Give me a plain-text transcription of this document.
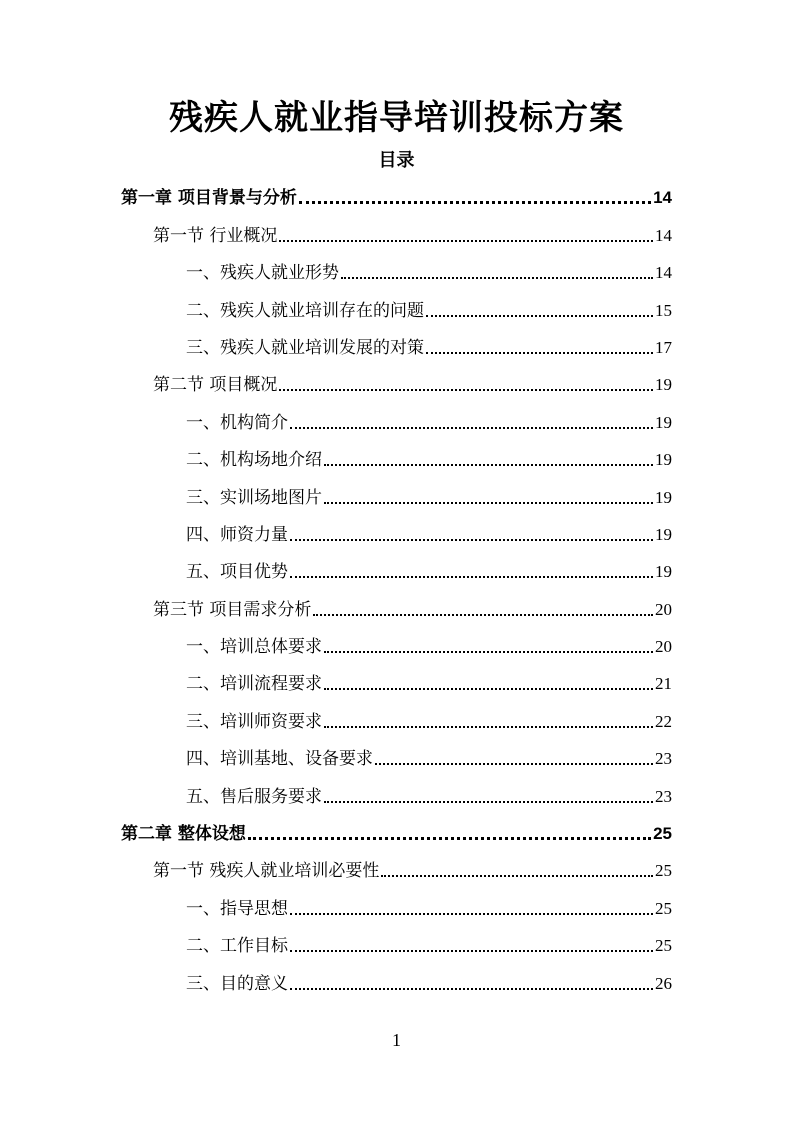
残疾人就业指导培训投标方案
目录
第一章 项目背景与分析	14
第一节 行业概况	14
一、残疾人就业形势	14
二、残疾人就业培训存在的问题	15
三、残疾人就业培训发展的对策	17
第二节 项目概况	19
一、机构简介	19
二、机构场地介绍	19
三、实训场地图片	19
四、师资力量	19
五、项目优势	19
第三节 项目需求分析	20
一、培训总体要求	20
二、培训流程要求	21
三、培训师资要求	22
四、培训基地、设备要求	23
五、售后服务要求	23
第二章 整体设想	25
第一节 残疾人就业培训必要性	25
一、指导思想	25
二、工作目标	25
三、目的意义	26
1
